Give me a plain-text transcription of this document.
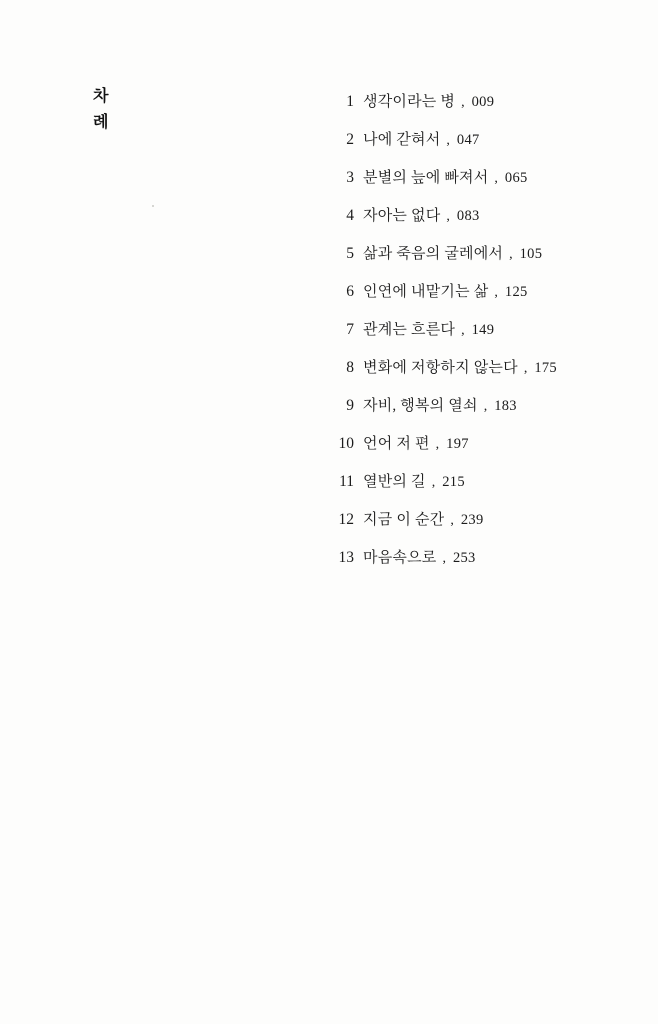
차
례
1 생각이라는 병 , 009
2 나에 갇혀서 , 047
3 분별의 늪에 빠져서 , 065
4 자아는 없다 , 083
5 삶과 죽음의 굴레에서 , 105
6 인연에 내맡기는 삶 , 125
7 관계는 흐른다 , 149
8 변화에 저항하지 않는다 , 175
9 자비, 행복의 열쇠 , 183
10 언어 저 편 , 197
11 열반의 길 , 215
12 지금 이 순간 , 239
13 마음속으로 , 253
